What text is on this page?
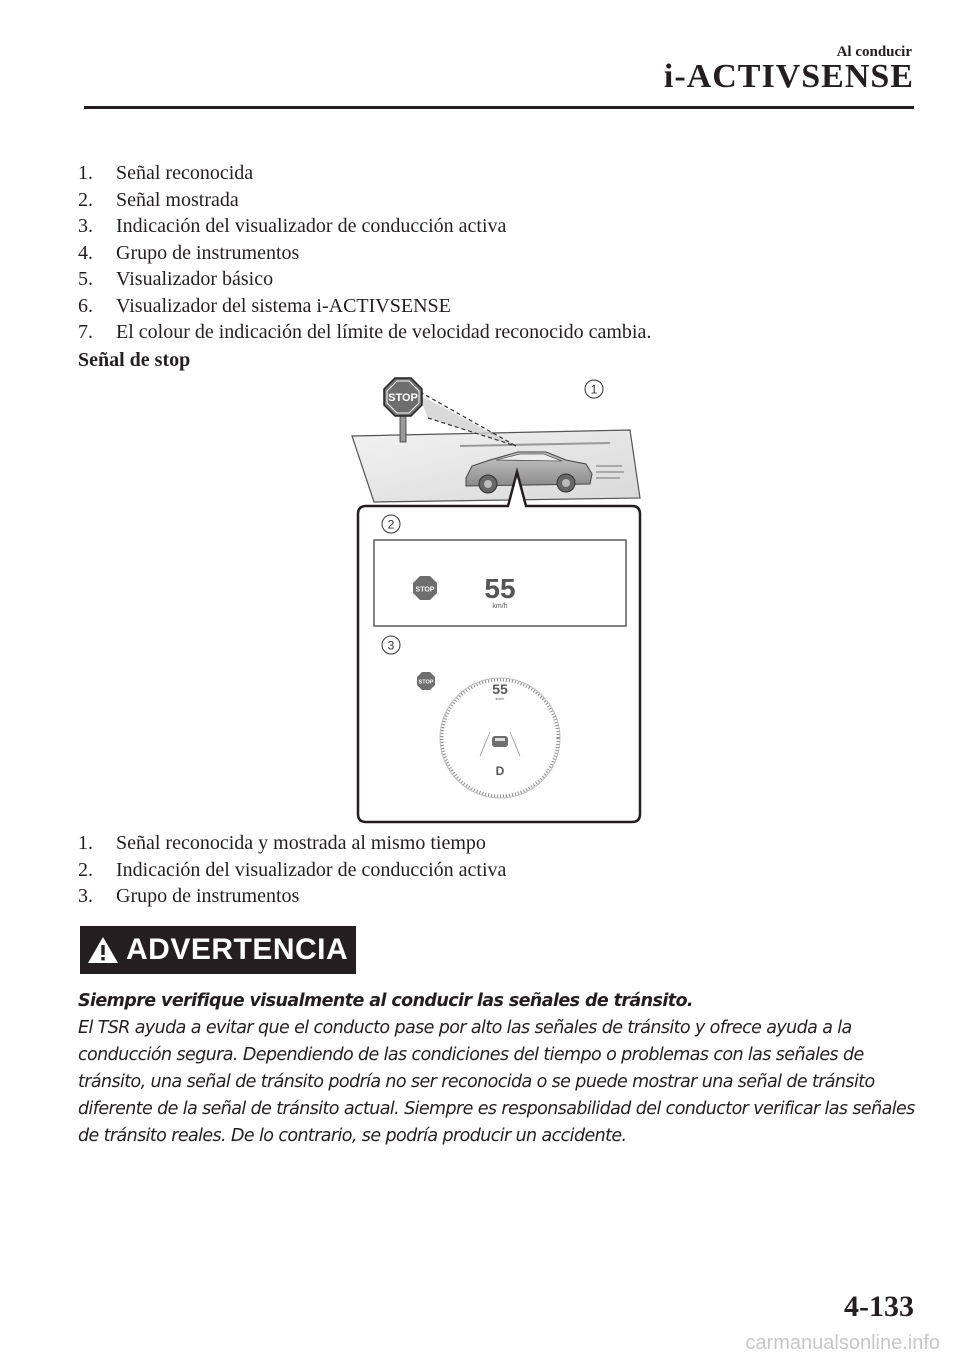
Al conducir
i-ACTIVSENSE
1. Señal reconocida
2. Señal mostrada
3. Indicación del visualizador de conducción activa
4. Grupo de instrumentos
5. Visualizador básico
6. Visualizador del sistema i-ACTIVSENSE
7. El colour de indicación del límite de velocidad reconocido cambia.
Señal de stop
STOP
1
2
STOP 55
km/h
3
STOP	55
km/h
D
1. Señal reconocida y mostrada al mismo tiempo
2. Indicación del visualizador de conducción activa
3. Grupo de instrumentos
ADVERTENCIA

Siempre verifique visualmente al conducir las señales de tránsito.

El TSR ayuda a evitar que el conducto pase por alto las señales de tránsito y ofrece ayuda a la conducción segura. Dependiendo de las condiciones del tiempo o problemas con las señales de tránsito, una señal de tránsito podría no ser reconocida o se puede mostrar una señal de tránsito diferente de la señal de tránsito actual. Siempre es responsabilidad del conductor verificar las señales de tránsito reales. De lo contrario, se podría producir un accidente.

4-133
carmanualsonline.info
